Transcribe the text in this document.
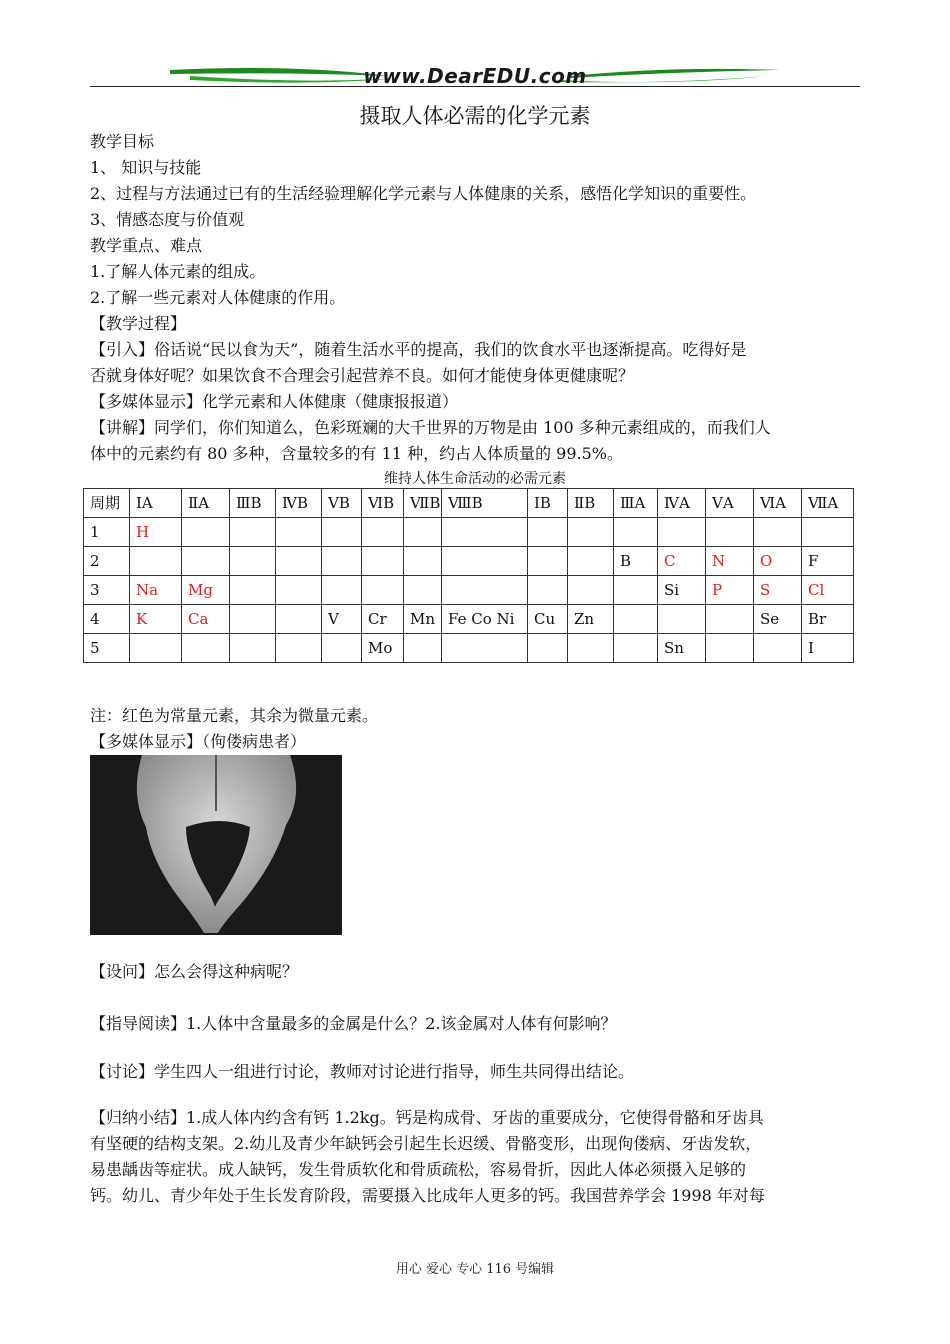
www.DearEDU.com
摄取人体必需的化学元素
教学目标
1、 知识与技能
2、过程与方法通过已有的生活经验理解化学元素与人体健康的关系，感悟化学知识的重要性。
3、情感态度与价值观
教学重点、难点
1.了解人体元素的组成。
2.了解一些元素对人体健康的作用。
【教学过程】
【引入】俗话说“民以食为天”，随着生活水平的提高，我们的饮食水平也逐渐提高。吃得好是
否就身体好呢？如果饮食不合理会引起营养不良。如何才能使身体更健康呢？
【多媒体显示】化学元素和人体健康（健康报报道）
【讲解】同学们，你们知道么，色彩斑斓的大千世界的万物是由 100 多种元素组成的，而我们人
体中的元素约有 80 多种，含量较多的有 11 种，约占人体质量的 99.5%。
维持人体生命活动的必需元素
周期	ⅠA	ⅡA	ⅢB	ⅣB	ⅤB	ⅥB	ⅦB	ⅧB	ⅠB	ⅡB	ⅢA	ⅣA	ⅤA	ⅥA	ⅦA
1	H														
2											B	C	N	O	F
3	Na	Mg										Si	P	S	Cl
4	K	Ca			V	Cr	Mn	Fe Co Ni	Cu	Zn				Se	Br
5						Mo						Sn			I
注：红色为常量元素，其余为微量元素。
【多媒体显示】（佝偻病患者）
【设问】怎么会得这种病呢？
【指导阅读】1.人体中含量最多的金属是什么？2.该金属对人体有何影响？
【讨论】学生四人一组进行讨论，教师对讨论进行指导，师生共同得出结论。
【归纳小结】1.成人体内约含有钙 1.2kg。钙是构成骨、牙齿的重要成分，它使得骨骼和牙齿具
有坚硬的结构支架。2.幼儿及青少年缺钙会引起生长迟缓、骨骼变形，出现佝偻病、牙齿发软，
易患龋齿等症状。成人缺钙，发生骨质软化和骨质疏松，容易骨折，因此人体必须摄入足够的
钙。幼儿、青少年处于生长发育阶段，需要摄入比成年人更多的钙。我国营养学会 1998 年对每
用心 爱心 专心 116 号编辑
